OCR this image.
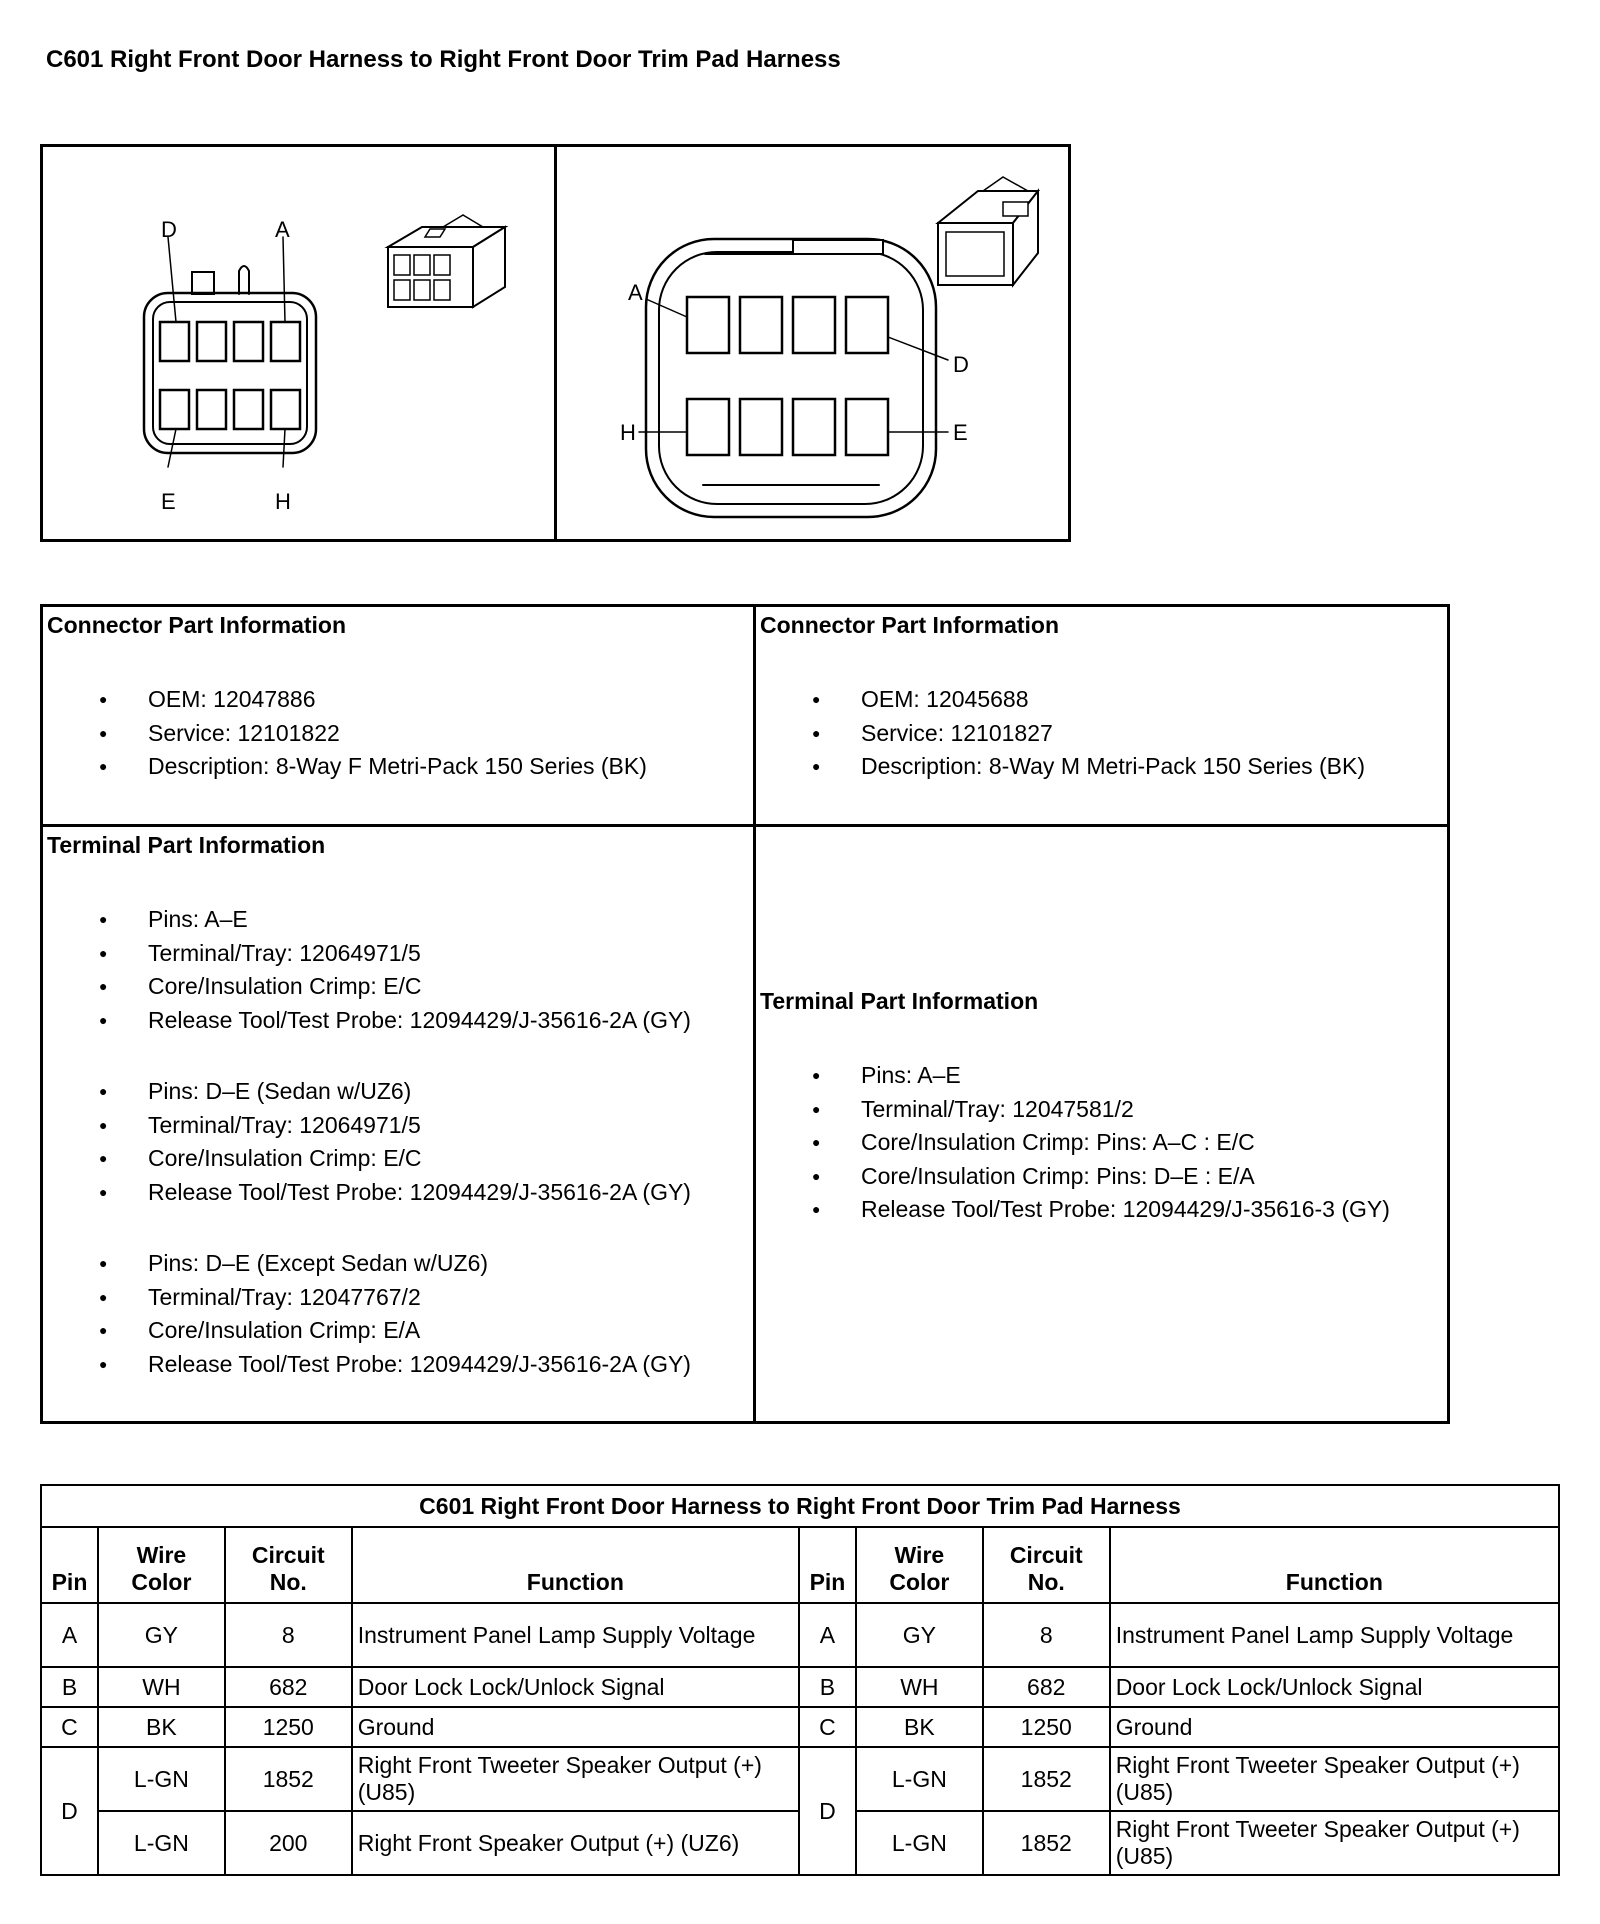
C601 Right Front Door Harness to Right Front Door Trim Pad Harness
D	A
E	H
A
D
H	E
Connector Part Information
● OEM: 12047886
● Service: 12101822
● Description: 8-Way F Metri-Pack 150 Series (BK)
Connector Part Information
● OEM: 12045688
● Service: 12101827
● Description: 8-Way M Metri-Pack 150 Series (BK)
Terminal Part Information
● Pins: A–E
● Terminal/Tray: 12064971/5
● Core/Insulation Crimp: E/C
● Release Tool/Test Probe: 12094429/J-35616-2A (GY)
● Pins: D–E (Sedan w/UZ6)
● Terminal/Tray: 12064971/5
● Core/Insulation Crimp: E/C
● Release Tool/Test Probe: 12094429/J-35616-2A (GY)
● Pins: D–E (Except Sedan w/UZ6)
● Terminal/Tray: 12047767/2
● Core/Insulation Crimp: E/A
● Release Tool/Test Probe: 12094429/J-35616-2A (GY)
Terminal Part Information
● Pins: A–E
● Terminal/Tray: 12047581/2
● Core/Insulation Crimp: Pins: A–C : E/C
● Core/Insulation Crimp: Pins: D–E : E/A
● Release Tool/Test Probe: 12094429/J-35616-3 (GY)
C601 Right Front Door Harness to Right Front Door Trim Pad Harness							
Pin	Wire Color	Circuit No.	Function	Pin	Wire Color	Circuit No.	Function
A	GY	8	Instrument Panel Lamp Supply Voltage	A	GY	8	Instrument Panel Lamp Supply Voltage
B	WH	682	Door Lock Lock/Unlock Signal	B	WH	682	Door Lock Lock/Unlock Signal
C	BK	1250	Ground	C	BK	1250	Ground
D	L-GN	1852	Right Front Tweeter Speaker Output (+) (U85)	D	L-GN	1852	Right Front Tweeter Speaker Output (+) (U85)
	L-GN	200	Right Front Speaker Output (+) (UZ6)		L-GN	1852	Right Front Tweeter Speaker Output (+) (U85)
